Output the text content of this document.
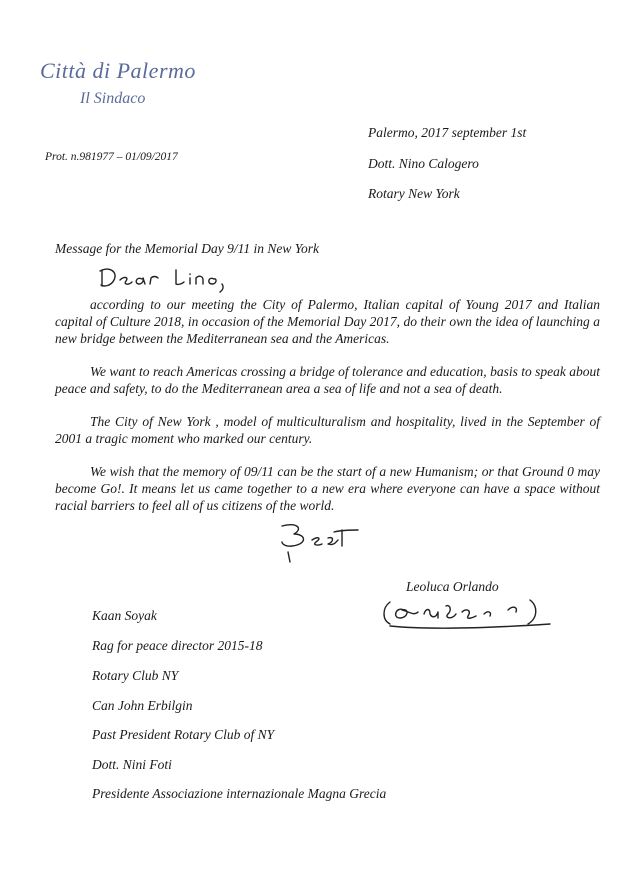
Città di Palermo
Il Sindaco
Prot. n.981977 – 01/09/2017
Palermo, 2017 september 1st
Dott. Nino Calogero
Rotary New York
Message for the Memorial Day 9/11 in New York

according to our meeting the City of Palermo, Italian capital of Young 2017 and Italian capital of Culture 2018, in occasion of the Memorial Day 2017, do their own the idea of launching a new bridge between the Mediterranean sea and the Americas.

We want to reach Americas crossing a bridge of tolerance and education, basis to speak about peace and safety, to do the Mediterranean area a sea of life and not a sea of death.

The City of New York , model of multiculturalism and hospitality, lived in the September of 2001 a tragic moment who marked our century.

We wish that the memory of 09/11 can be the start of a new Humanism; or that Ground 0 may become Go!. It means let us came together to a new era where everyone can have a space without racial barriers to feel all of us citizens of the world.

Leoluca Orlando
Kaan Soyak
Rag for peace director 2015-18
Rotary Club NY
Can John Erbilgin
Past President Rotary Club of NY
Dott. Nini Foti
Presidente Associazione internazionale Magna Grecia
